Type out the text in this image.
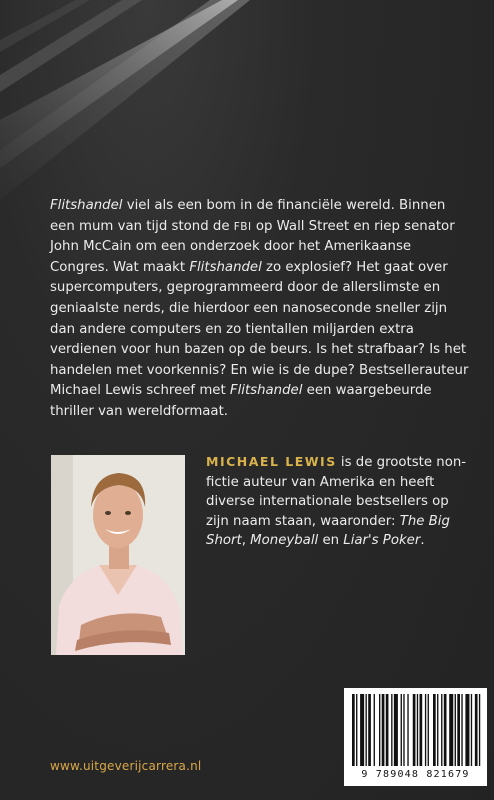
Flitshandel viel als een bom in de financiële wereld. Binnen een mum van tijd stond de FBI op Wall Street en riep senator John McCain om een onderzoek door het Amerikaanse Congres. Wat maakt Flitshandel zo explosief? Het gaat over supercomputers, geprogrammeerd door de allerslimste en geniaalste nerds, die hierdoor een nanoseconde sneller zijn dan andere computers en zo tientallen miljarden extra verdienen voor hun bazen op de beurs. Is het strafbaar? Is het handelen met voorkennis? En wie is de dupe? Bestsellerauteur Michael Lewis schreef met Flitshandel een waargebeurde thriller van wereldformaat.

MICHAEL LEWIS is de grootste non-fictie auteur van Amerika en heeft diverse internationale bestsellers op zijn naam staan, waaronder: The Big Short, Moneyball en Liar's Poker.
www.uitgeverijcarrera.nl
9 789048 821679
